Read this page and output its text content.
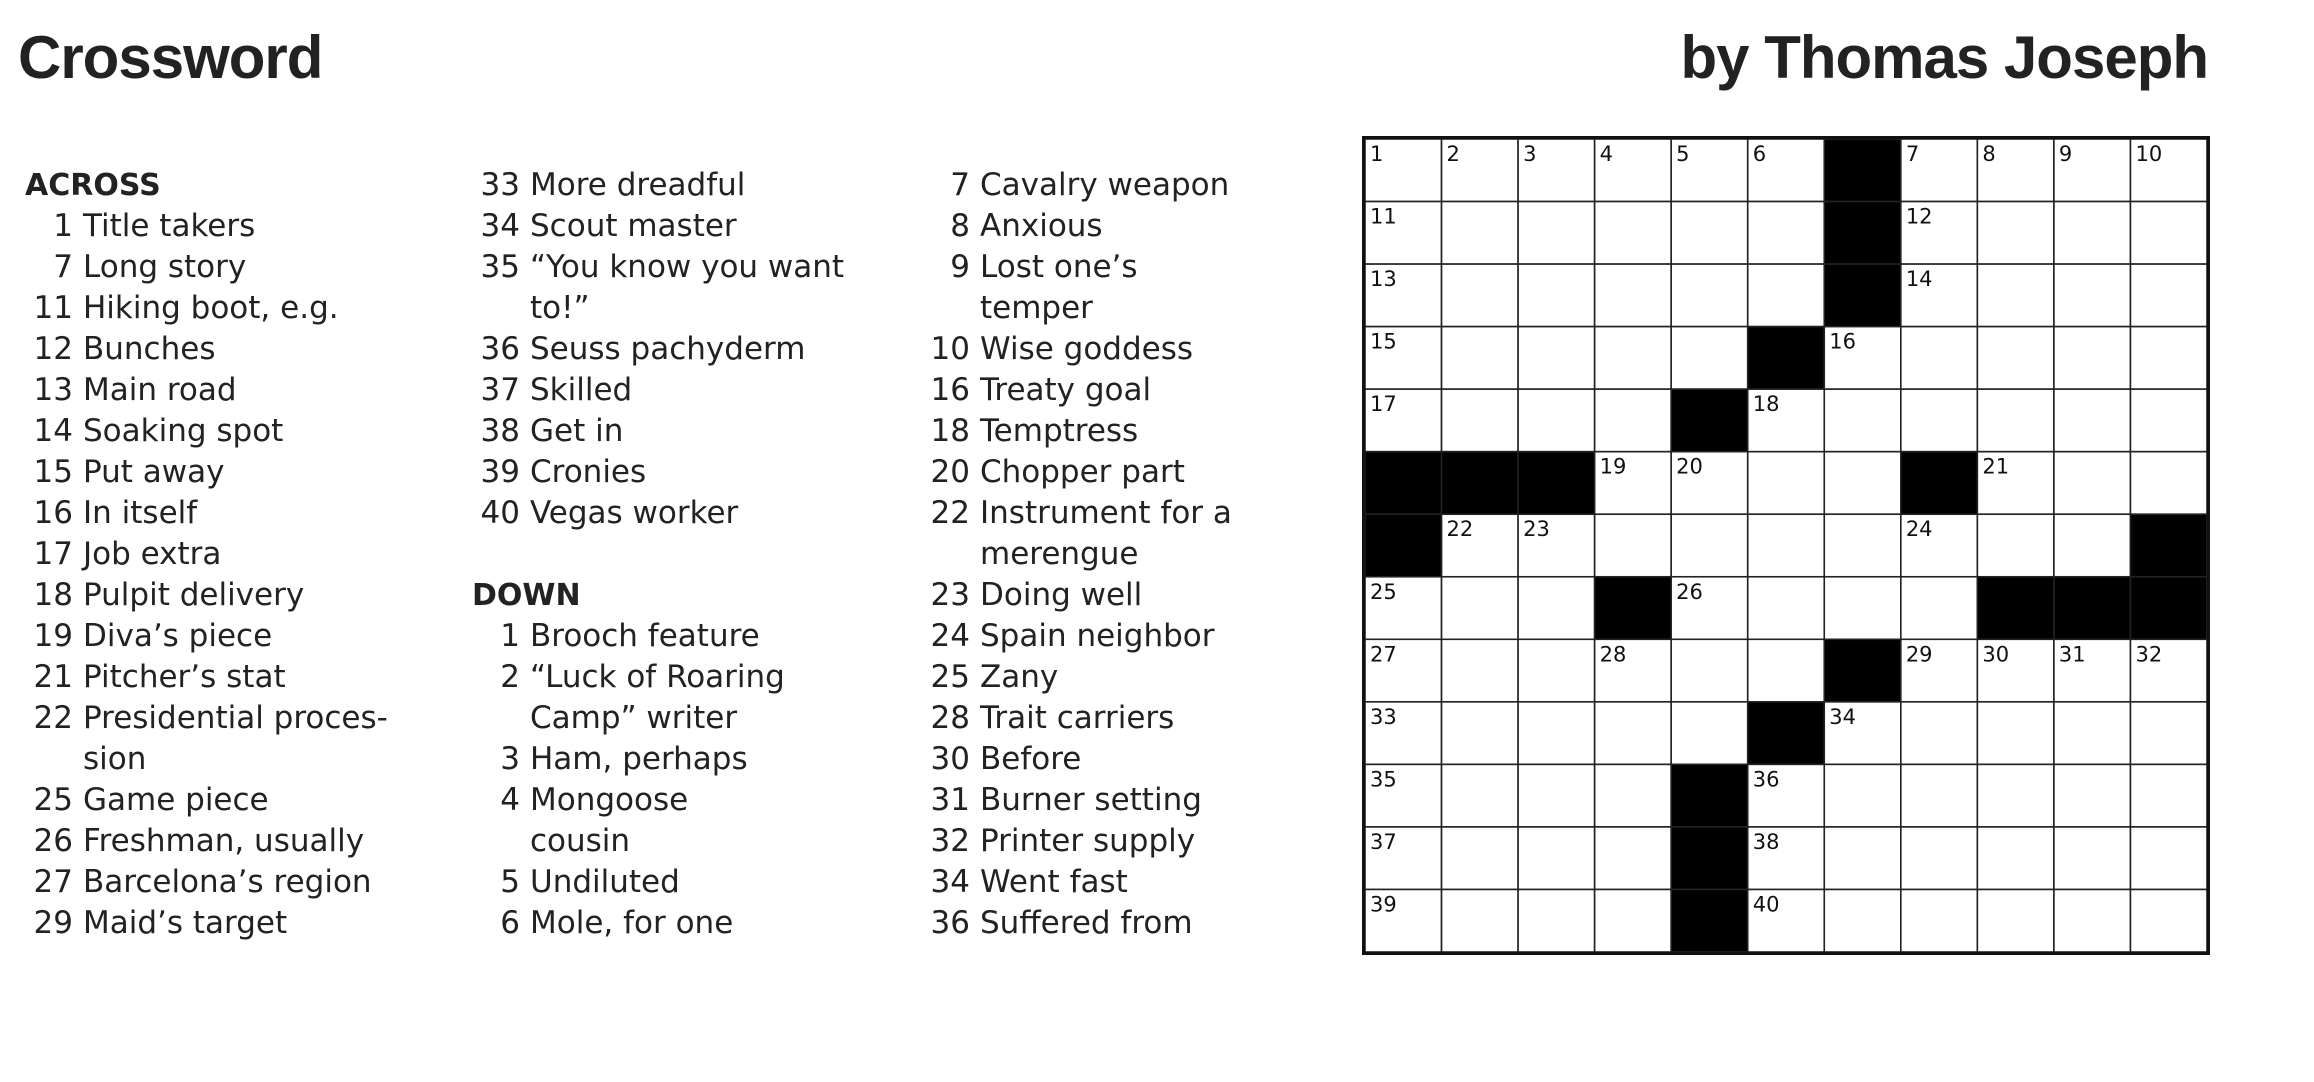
Crossword	by Thomas Joseph
ACROSS
1 Title takers
7 Long story
11 Hiking boot, e.g.
12 Bunches
13 Main road
14 Soaking spot
15 Put away
16 In itself
17 Job extra
18 Pulpit delivery
19 Diva’s piece
21 Pitcher’s stat
22 Presidential proces-
sion
25 Game piece
26 Freshman, usually
27 Barcelona’s region
29 Maid’s target
33 More dreadful
34 Scout master
35 “You know you want
to!”
36 Seuss pachyderm
37 Skilled
38 Get in
39 Cronies
40 Vegas worker
DOWN
1 Brooch feature
2 “Luck of Roaring
Camp” writer
3 Ham, perhaps
4 Mongoose
cousin
5 Undiluted
6 Mole, for one
7 Cavalry weapon
8 Anxious
9 Lost one’s
temper
10 Wise goddess
16 Treaty goal
18 Temptress
20 Chopper part
22 Instrument for a
merengue
23 Doing well
24 Spain neighbor
25 Zany
28 Trait carriers
30 Before
31 Burner setting
32 Printer supply
34 Went fast
36 Suffered from
1	2	3	4	5	6	7	8	9	10
11	12
13	14
15	16
17	18
19 20	21
22 23	24
25	26
27	28	29 30 31 32
33	34
35	36
37	38
39	40
